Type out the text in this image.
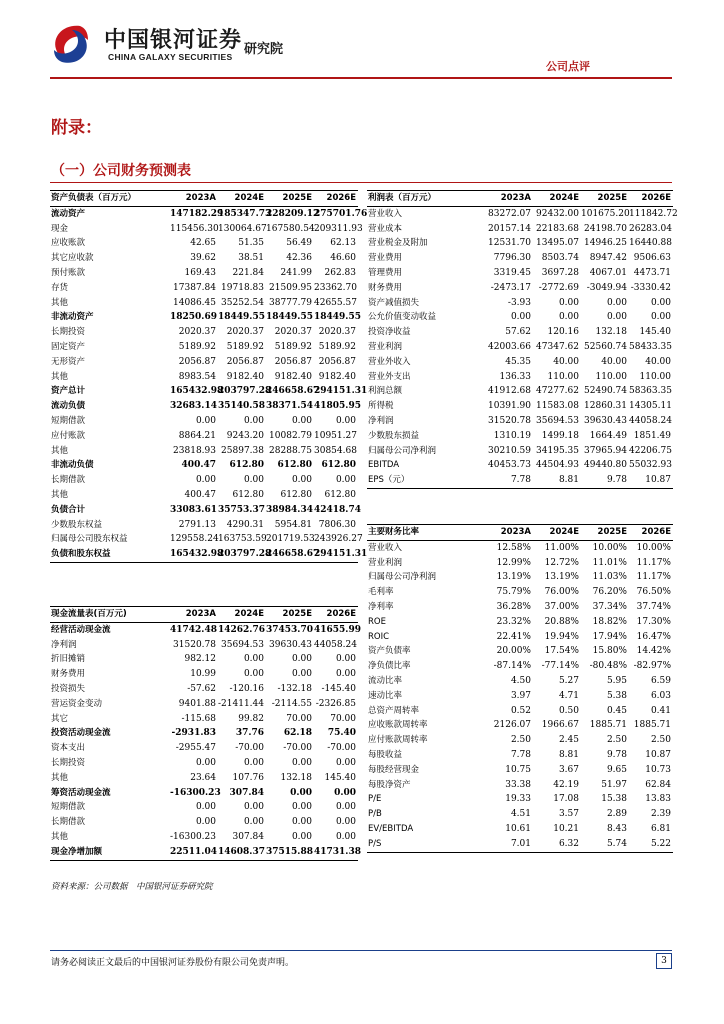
中国银河证券 研究院
CHINA GALAXY SECURITIES
公司点评
附录：
（一）公司财务预测表
资产负债表（百万元）	2023A	2024E	2025E	2026E
流动资产	147182.29	185347.73	228209.12	275701.76
现金	115456.30	130064.67	167580.54	209311.93
应收账款	42.65	51.35	56.49	62.13
其它应收款	39.62	38.51	42.36	46.60
预付账款	169.43	221.84	241.99	262.83
存货	17387.84	19718.83	21509.95	23362.70
其他	14086.45	35252.54	38777.79	42655.57
非流动资产	18250.69	18449.55	18449.55	18449.55
长期投资	2020.37	2020.37	2020.37	2020.37
固定资产	5189.92	5189.92	5189.92	5189.92
无形资产	2056.87	2056.87	2056.87	2056.87
其他	8983.54	9182.40	9182.40	9182.40
资产总计	165432.98	203797.28	246658.67	294151.31
流动负债	32683.14	35140.58	38371.54	41805.95
短期借款	0.00	0.00	0.00	0.00
应付账款	8864.21	9243.20	10082.79	10951.27
其他	23818.93	25897.38	28288.75	30854.68
非流动负债	400.47	612.80	612.80	612.80
长期借款	0.00	0.00	0.00	0.00
其他	400.47	612.80	612.80	612.80
负债合计	33083.61	35753.37	38984.34	42418.74
少数股东权益	2791.13	4290.31	5954.81	7806.30
归属母公司股东权益	129558.24	163753.59	201719.53	243926.27
负债和股东权益	165432.98	203797.28	246658.67	294151.31
利润表（百万元）	2023A	2024E	2025E	2026E
营业收入	83272.07	92432.00	101675.20	111842.72
营业成本	20157.14	22183.68	24198.70	26283.04
营业税金及附加	12531.70	13495.07	14946.25	16440.88
营业费用	7796.30	8503.74	8947.42	9506.63
管理费用	3319.45	3697.28	4067.01	4473.71
财务费用	-2473.17	-2772.69	-3049.94	-3330.42
资产减值损失	-3.93	0.00	0.00	0.00
公允价值变动收益	0.00	0.00	0.00	0.00
投资净收益	57.62	120.16	132.18	145.40
营业利润	42003.66	47347.62	52560.74	58433.35
营业外收入	45.35	40.00	40.00	40.00
营业外支出	136.33	110.00	110.00	110.00
利润总额	41912.68	47277.62	52490.74	58363.35
所得税	10391.90	11583.08	12860.31	14305.11
净利润	31520.78	35694.53	39630.43	44058.24
少数股东损益	1310.19	1499.18	1664.49	1851.49
归属母公司净利润	30210.59	34195.35	37965.94	42206.75
EBITDA	40453.73	44504.93	49440.80	55032.93
EPS（元）	7.78	8.81	9.78	10.87
主要财务比率	2023A	2024E	2025E	2026E
营业收入	12.58%	11.00%	10.00%	10.00%
营业利润	12.99%	12.72%	11.01%	11.17%
归属母公司净利润	13.19%	13.19%	11.03%	11.17%
毛利率	75.79%	76.00%	76.20%	76.50%
净利率	36.28%	37.00%	37.34%	37.74%
ROE	23.32%	20.88%	18.82%	17.30%
ROIC	22.41%	19.94%	17.94%	16.47%
资产负债率	20.00%	17.54%	15.80%	14.42%
净负债比率	-87.14%	-77.14%	-80.48%	-82.97%
流动比率	4.50	5.27	5.95	6.59
速动比率	3.97	4.71	5.38	6.03
总资产周转率	0.52	0.50	0.45	0.41
应收账款周转率	2126.07	1966.67	1885.71	1885.71
应付账款周转率	2.50	2.45	2.50	2.50
每股收益	7.78	8.81	9.78	10.87
每股经营现金	10.75	3.67	9.65	10.73
每股净资产	33.38	42.19	51.97	62.84
P/E	19.33	17.08	15.38	13.83
P/B	4.51	3.57	2.89	2.39
EV/EBITDA	10.61	10.21	8.43	6.81
P/S	7.01	6.32	5.74	5.22
现金流量表(百万元)	2023A	2024E	2025E	2026E
经营活动现金流	41742.48	14262.76	37453.70	41655.99
净利润	31520.78	35694.53	39630.43	44058.24
折旧摊销	982.12	0.00	0.00	0.00
财务费用	10.99	0.00	0.00	0.00
投资损失	-57.62	-120.16	-132.18	-145.40
营运资金变动	9401.88	-21411.44	-2114.55	-2326.85
其它	-115.68	99.82	70.00	70.00
投资活动现金流	-2931.83	37.76	62.18	75.40
资本支出	-2955.47	-70.00	-70.00	-70.00
长期投资	0.00	0.00	0.00	0.00
其他	23.64	107.76	132.18	145.40
筹资活动现金流	-16300.23	307.84	0.00	0.00
短期借款	0.00	0.00	0.00	0.00
长期借款	0.00	0.00	0.00	0.00
其他	-16300.23	307.84	0.00	0.00
现金净增加额	22511.04	14608.37	37515.88	41731.38
资料来源：公司数据　中国银河证券研究院
请务必阅读正文最后的中国银河证券股份有限公司免责声明。	3
